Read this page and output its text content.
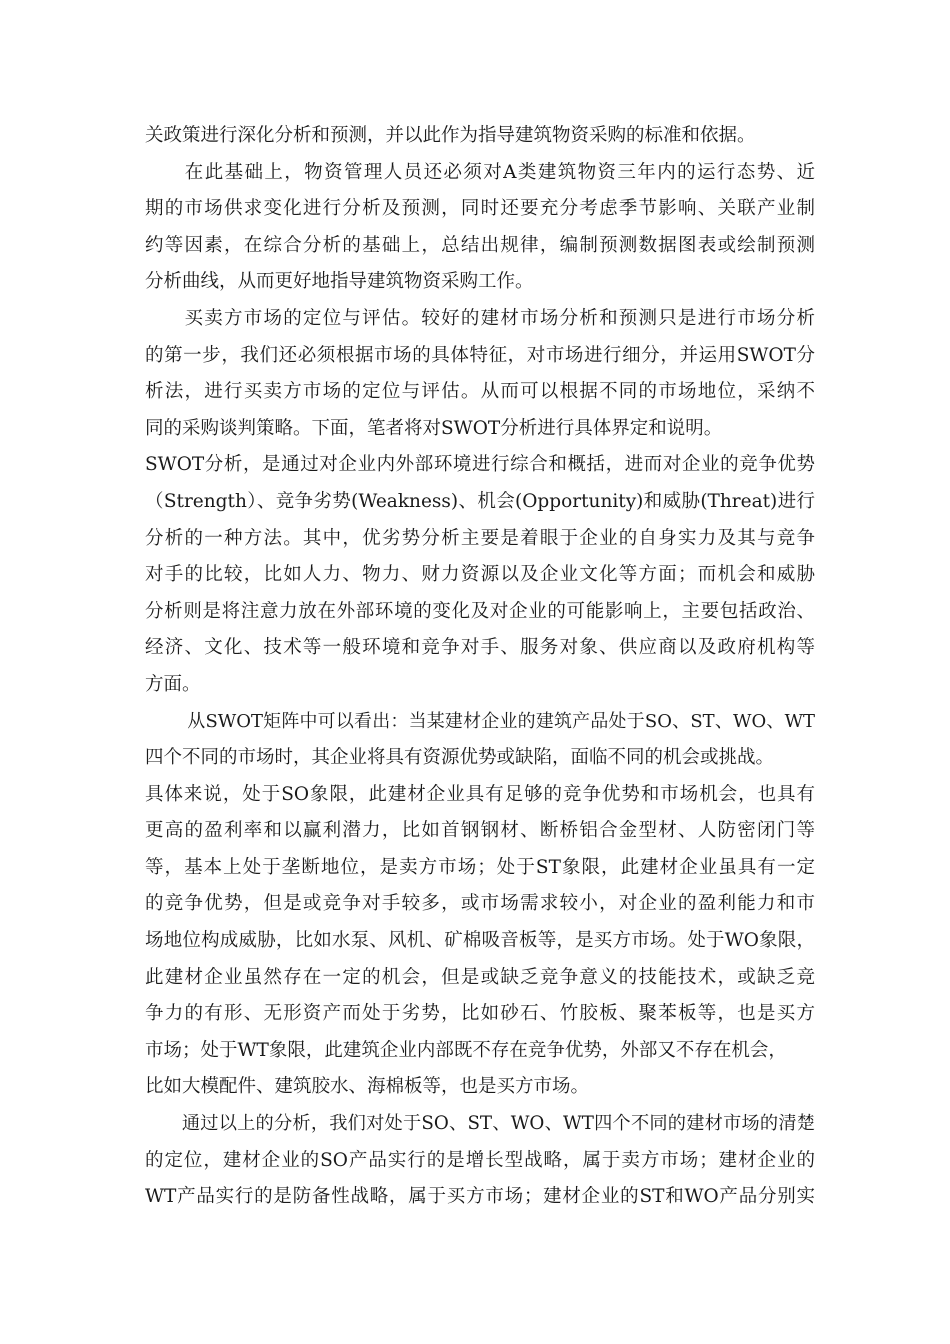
关政策进行深化分析和预测，并以此作为指导建筑物资采购的标准和依据。
　　在此基础上，物资管理人员还必须对A类建筑物资三年内的运行态势、近
期的市场供求变化进行分析及预测，同时还要充分考虑季节影响、关联产业制
约等因素，在综合分析的基础上，总结出规律，编制预测数据图表或绘制预测
分析曲线，从而更好地指导建筑物资采购工作。
　　买卖方市场的定位与评估。较好的建材市场分析和预测只是进行市场分析
的第一步，我们还必须根据市场的具体特征，对市场进行细分，并运用SWOT分
析法，进行买卖方市场的定位与评估。从而可以根据不同的市场地位，采纳不
同的采购谈判策略。下面，笔者将对SWOT分析进行具体界定和说明。
SWOT分析，是通过对企业内外部环境进行综合和概括，进而对企业的竞争优势
（Strength）、竞争劣势(Weakness)、机会(Opportunity)和威胁(Threat)进行
分析的一种方法。其中，优劣势分析主要是着眼于企业的自身实力及其与竞争
对手的比较，比如人力、物力、财力资源以及企业文化等方面；而机会和威胁
分析则是将注意力放在外部环境的变化及对企业的可能影响上，主要包括政治、
经济、文化、技术等一般环境和竞争对手、服务对象、供应商以及政府机构等
方面。
　　 从SWOT矩阵中可以看出：当某建材企业的建筑产品处于SO、ST、WO、WT
四个不同的市场时，其企业将具有资源优势或缺陷，面临不同的机会或挑战。
具体来说，处于SO象限，此建材企业具有足够的竞争优势和市场机会，也具有
更高的盈利率和以赢利潜力，比如首钢钢材、断桥铝合金型材、人防密闭门等
等，基本上处于垄断地位，是卖方市场；处于ST象限，此建材企业虽具有一定
的竞争优势，但是或竞争对手较多，或市场需求较小，对企业的盈利能力和市
场地位构成威胁，比如水泵、风机、矿棉吸音板等，是买方市场。处于WO象限，
此建材企业虽然存在一定的机会，但是或缺乏竞争意义的技能技术，或缺乏竞
争力的有形、无形资产而处于劣势，比如砂石、竹胶板、聚苯板等，也是买方
市场；处于WT象限，此建筑企业内部既不存在竞争优势，外部又不存在机会，
比如大模配件、建筑胶水、海棉板等，也是买方市场。
　　通过以上的分析，我们对处于SO、ST、WO、WT四个不同的建材市场的清楚
的定位，建材企业的SO产品实行的是增长型战略，属于卖方市场；建材企业的
WT产品实行的是防备性战略，属于买方市场；建材企业的ST和WO产品分别实
